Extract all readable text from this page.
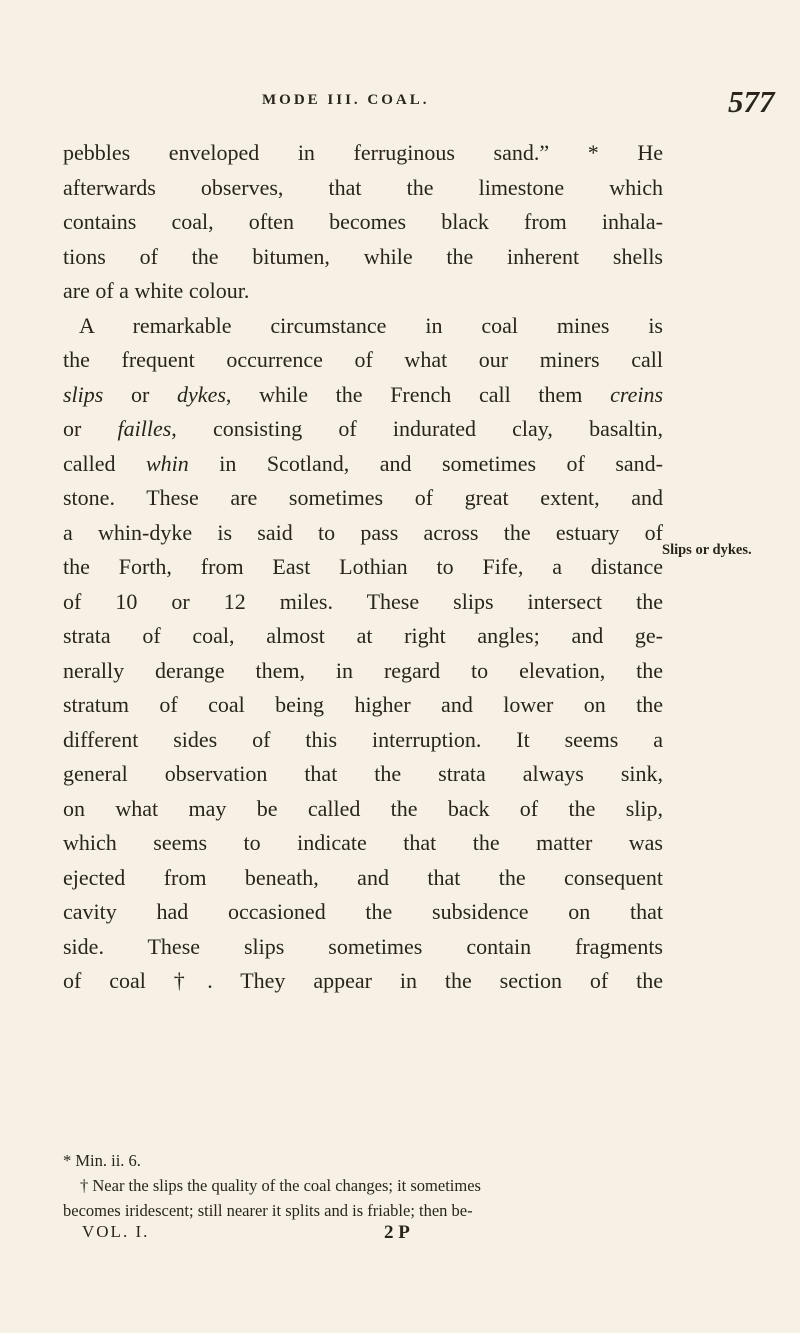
MODE III. COAL.	577
pebbles enveloped in ferruginous sand.” * He
afterwards observes, that the limestone which
contains coal, often becomes black from inhala-
tions of the bitumen, while the inherent shells
are of a white colour.
A remarkable circumstance in coal mines is
the frequent occurrence of what our miners call
slips or dykes, while the French call them creins
or failles, consisting of indurated clay, basaltin,
called whin in Scotland, and sometimes of sand-
stone. These are sometimes of great extent, and
a whin-dyke is said to pass across the estuary of
the Forth, from East Lothian to Fife, a distance
of 10 or 12 miles. These slips intersect the
strata of coal, almost at right angles; and ge-
nerally derange them, in regard to elevation, the
stratum of coal being higher and lower on the
different sides of this interruption. It seems a
general observation that the strata always sink,
on what may be called the back of the slip,
which seems to indicate that the matter was
ejected from beneath, and that the consequent
cavity had occasioned the subsidence on that
side. These slips sometimes contain fragments
of coal †. They appear in the section of the
Slips or dykes.
* Min. ii. 6.
† Near the slips the quality of the coal changes; it sometimes
becomes iridescent; still nearer it splits and is friable; then be-
VOL. I.	2 P
